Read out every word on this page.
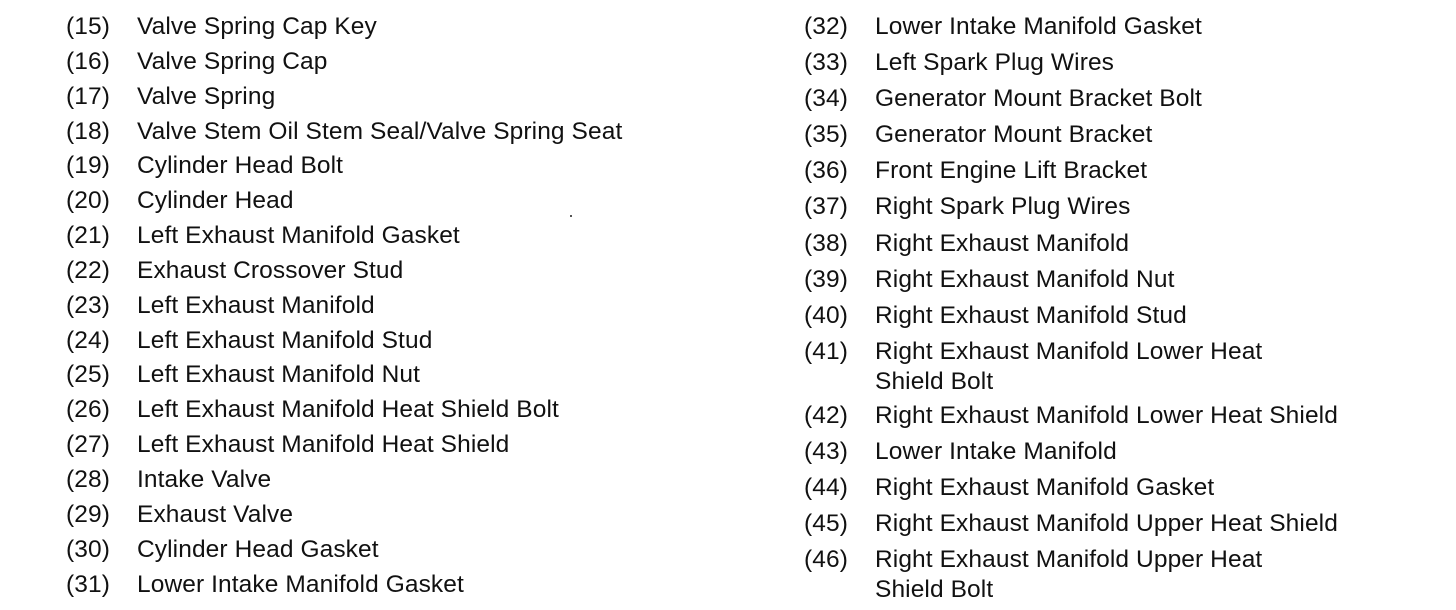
(15)	Valve Spring Cap Key
(16)	Valve Spring Cap
(17)	Valve Spring
(18)	Valve Stem Oil Stem Seal/Valve Spring Seat
(19)	Cylinder Head Bolt
(20)	Cylinder Head
(21)	Left Exhaust Manifold Gasket
(22)	Exhaust Crossover Stud
(23)	Left Exhaust Manifold
(24)	Left Exhaust Manifold Stud
(25)	Left Exhaust Manifold Nut
(26)	Left Exhaust Manifold Heat Shield Bolt
(27)	Left Exhaust Manifold Heat Shield
(28)	Intake Valve
(29)	Exhaust Valve
(30)	Cylinder Head Gasket
(31)	Lower Intake Manifold Gasket
(32)	Lower Intake Manifold Gasket
(33)	Left Spark Plug Wires
(34)	Generator Mount Bracket Bolt
(35)	Generator Mount Bracket
(36)	Front Engine Lift Bracket
(37)	Right Spark Plug Wires
(38)	Right Exhaust Manifold
(39)	Right Exhaust Manifold Nut
(40)	Right Exhaust Manifold Stud
(41)	Right Exhaust Manifold Lower Heat
Shield Bolt
(42)	Right Exhaust Manifold Lower Heat Shield
(43)	Lower Intake Manifold
(44)	Right Exhaust Manifold Gasket
(45)	Right Exhaust Manifold Upper Heat Shield
(46)	Right Exhaust Manifold Upper Heat
Shield Bolt
